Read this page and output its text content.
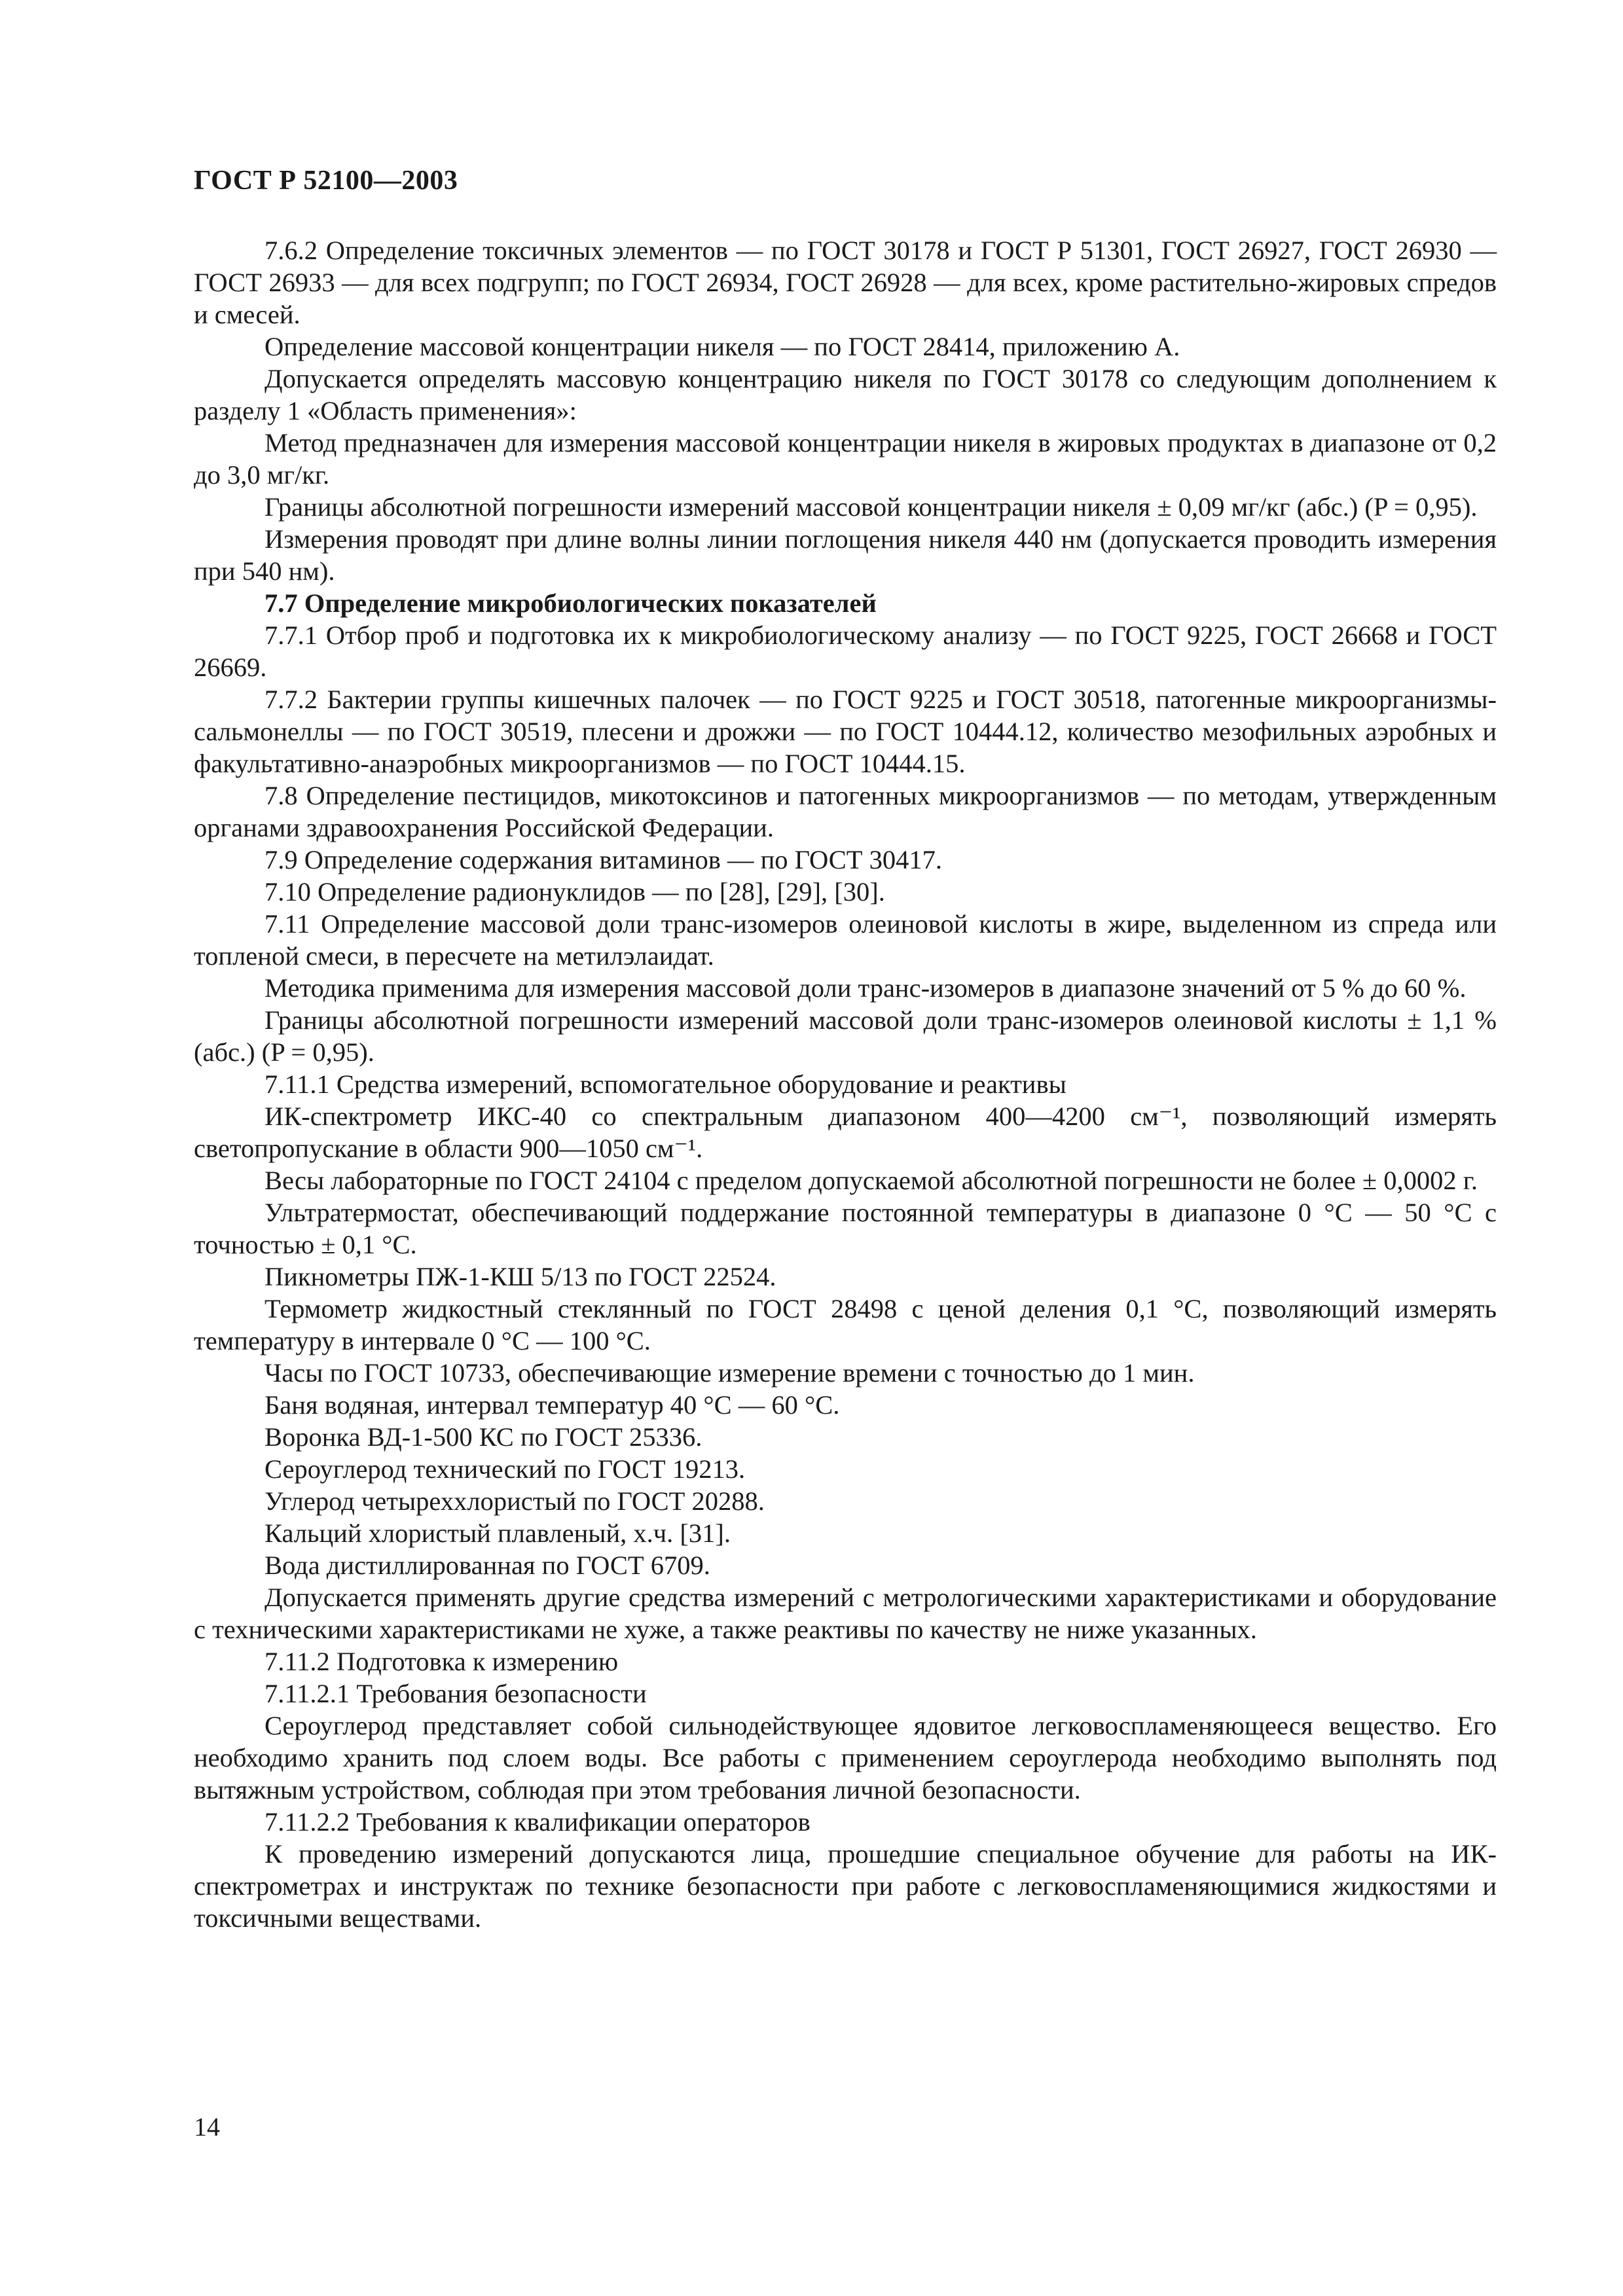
ГОСТ Р 52100—2003

7.6.2 Определение токсичных элементов — по ГОСТ 30178 и ГОСТ Р 51301, ГОСТ 26927, ГОСТ 26930 — ГОСТ 26933 — для всех подгрупп; по ГОСТ 26934, ГОСТ 26928 — для всех, кроме растительно-жировых спредов и смесей.

Определение массовой концентрации никеля — по ГОСТ 28414, приложению А.

Допускается определять массовую концентрацию никеля по ГОСТ 30178 со следующим дополнением к разделу 1 «Область применения»:

Метод предназначен для измерения массовой концентрации никеля в жировых продуктах в диапазоне от 0,2 до 3,0 мг/кг.

Границы абсолютной погрешности измерений массовой концентрации никеля ± 0,09 мг/кг (абс.) (P = 0,95).

Измерения проводят при длине волны линии поглощения никеля 440 нм (допускается проводить измерения при 540 нм).

7.7 Определение микробиологических показателей

7.7.1 Отбор проб и подготовка их к микробиологическому анализу — по ГОСТ 9225, ГОСТ 26668 и ГОСТ 26669.

7.7.2 Бактерии группы кишечных палочек — по ГОСТ 9225 и ГОСТ 30518, патогенные микроорганизмы-сальмонеллы — по ГОСТ 30519, плесени и дрожжи — по ГОСТ 10444.12, количество мезофильных аэробных и факультативно-анаэробных микроорганизмов — по ГОСТ 10444.15.

7.8 Определение пестицидов, микотоксинов и патогенных микроорганизмов — по методам, утвержденным органами здравоохранения Российской Федерации.

7.9 Определение содержания витаминов — по ГОСТ 30417.

7.10 Определение радионуклидов — по [28], [29], [30].

7.11 Определение массовой доли транс-изомеров олеиновой кислоты в жире, выделенном из спреда или топленой смеси, в пересчете на метилэлаидат.

Методика применима для измерения массовой доли транс-изомеров в диапазоне значений от 5 % до 60 %.

Границы абсолютной погрешности измерений массовой доли транс-изомеров олеиновой кислоты ± 1,1 % (абс.) (P = 0,95).

7.11.1 Средства измерений, вспомогательное оборудование и реактивы

ИК-спектрометр ИКС-40 со спектральным диапазоном 400—4200 см⁻¹, позволяющий измерять светопропускание в области 900—1050 см⁻¹.

Весы лабораторные по ГОСТ 24104 с пределом допускаемой абсолютной погрешности не более ± 0,0002 г.

Ультратермостат, обеспечивающий поддержание постоянной температуры в диапазоне 0 °С — 50 °С с точностью ± 0,1 °С.

Пикнометры ПЖ-1-КШ 5/13 по ГОСТ 22524.

Термометр жидкостный стеклянный по ГОСТ 28498 с ценой деления 0,1 °С, позволяющий измерять температуру в интервале 0 °С — 100 °С.

Часы по ГОСТ 10733, обеспечивающие измерение времени с точностью до 1 мин.

Баня водяная, интервал температур 40 °С — 60 °С.

Воронка ВД-1-500 КС по ГОСТ 25336.

Сероуглерод технический по ГОСТ 19213.

Углерод четыреххлористый по ГОСТ 20288.

Кальций хлористый плавленый, х.ч. [31].

Вода дистиллированная по ГОСТ 6709.

Допускается применять другие средства измерений с метрологическими характеристиками и оборудование с техническими характеристиками не хуже, а также реактивы по качеству не ниже указанных.

7.11.2 Подготовка к измерению

7.11.2.1 Требования безопасности

Сероуглерод представляет собой сильнодействующее ядовитое легковоспламеняющееся вещество. Его необходимо хранить под слоем воды. Все работы с применением сероуглерода необходимо выполнять под вытяжным устройством, соблюдая при этом требования личной безопасности.

7.11.2.2 Требования к квалификации операторов

К проведению измерений допускаются лица, прошедшие специальное обучение для работы на ИК-спектрометрах и инструктаж по технике безопасности при работе с легковоспламеняющимися жидкостями и токсичными веществами.

14
